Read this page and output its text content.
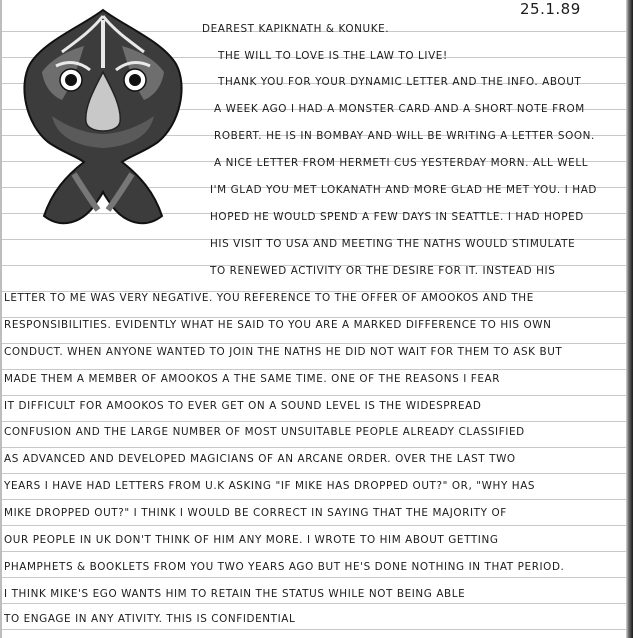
25.1.89

DEAREST KAPIKNATH & KONUKE.

THE WILL TO LOVE IS THE LAW TO LIVE!

THANK YOU FOR YOUR DYNAMIC LETTER AND THE INFO. ABOUT

A WEEK AGO I HAD A MONSTER CARD AND A SHORT NOTE FROM

ROBERT. HE IS IN BOMBAY AND WILL BE WRITING A LETTER SOON.

A NICE LETTER FROM HERMETI CUS YESTERDAY MORN. ALL WELL

I'M GLAD YOU MET LOKANATH AND MORE GLAD HE MET YOU. I HAD

HOPED HE WOULD SPEND A FEW DAYS IN SEATTLE. I HAD HOPED

HIS VISIT TO USA AND MEETING THE NATHS WOULD STIMULATE

TO RENEWED ACTIVITY OR THE DESIRE FOR IT. INSTEAD HIS

LETTER TO ME WAS VERY NEGATIVE. YOU REFERENCE TO THE OFFER OF AMOOKOS AND THE

RESPONSIBILITIES. EVIDENTLY WHAT HE SAID TO YOU ARE A MARKED DIFFERENCE TO HIS OWN

CONDUCT. WHEN ANYONE WANTED TO JOIN THE NATHS HE DID NOT WAIT FOR THEM TO ASK BUT

MADE THEM A MEMBER OF AMOOKOS A THE SAME TIME. ONE OF THE REASONS I FEAR

IT DIFFICULT FOR AMOOKOS TO EVER GET ON A SOUND LEVEL IS THE WIDESPREAD

CONFUSION AND THE LARGE NUMBER OF MOST UNSUITABLE PEOPLE ALREADY CLASSIFIED

AS ADVANCED AND DEVELOPED MAGICIANS OF AN ARCANE ORDER. OVER THE LAST TWO

YEARS I HAVE HAD LETTERS FROM U.K ASKING "IF MIKE HAS DROPPED OUT?" OR, "WHY HAS

MIKE DROPPED OUT?" I THINK I WOULD BE CORRECT IN SAYING THAT THE MAJORITY OF

OUR PEOPLE IN UK DON'T THINK OF HIM ANY MORE. I WROTE TO HIM ABOUT GETTING

PHAMPHETS & BOOKLETS FROM YOU TWO YEARS AGO BUT HE'S DONE NOTHING IN THAT PERIOD.

I THINK MIKE'S EGO WANTS HIM TO RETAIN THE STATUS WHILE NOT BEING ABLE

TO ENGAGE IN ANY ATIVITY. THIS IS CONFIDENTIAL
